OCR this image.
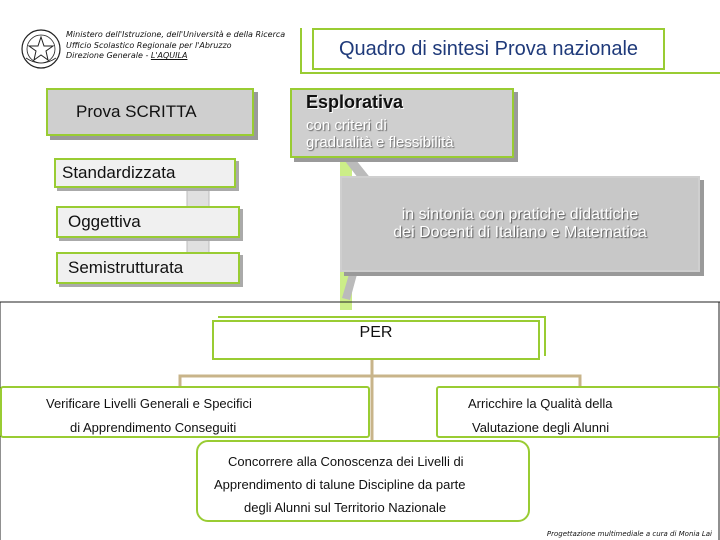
Ministero dell'Istruzione, dell'Università e della Ricerca
Ufficio Scolastico Regionale per l'Abruzzo
Direzione Generale - L'AQUILA	Quadro di sintesi Prova nazionale
Prova SCRITTA	Esplorativa
con criteri di
gradualità e flessibilità
Standardizzata
Oggettiva
Semistrutturata
in sintonia con pratiche didattiche
dei Docenti di Italiano e Matematica
PER
Verificare Livelli Generali e Specifici
di Apprendimento Conseguiti
Arricchire la Qualità della
Valutazione degli Alunni
Concorrere alla Conoscenza dei Livelli di
Apprendimento di talune Discipline da parte
degli Alunni sul Territorio Nazionale
Progettazione multimediale a cura di Monia Lai
